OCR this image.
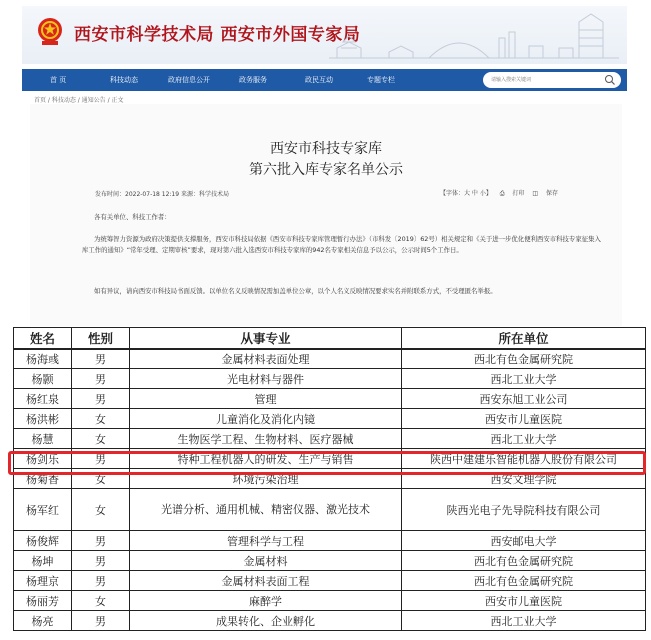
西安市科学技术局 西安市外国专家局
首 页	科技动态	政府信息公开	政务服务	政民互动	专题专栏
请输入搜索关键词
首页 / 科技动态 / 通知公告 / 正文
西安市科技专家库
第六批入库专家名单公示
发布时间：2022-07-18 12:19 来源：科学技术局	【字体：大 中 小】 ⎙ 打印 ◫ 保存
各有关单位、科技工作者：
为统筹智力资源为政府决策提供支撑服务，西安市科技局依据《西安市科技专家库管理暂行办法》（市科发〔2019〕62号）相关规定和《关于进一步优化便利西安市科技专家征集入库工作的通知》“常年受理、定期审核”要求，现对第六批入选西安市科技专家库的942名专家相关信息予以公示，公示时间5个工作日。
如有异议，请向西安市科技局书面反馈。以单位名义反映情况需加盖单位公章，以个人名义反映情况要求实名并附联系方式，不受理匿名举报。
姓名	性别	从事专业	所在单位
杨海彧	男	金属材料表面处理	西北有色金属研究院
杨颢	男	光电材料与器件	西北工业大学
杨红泉	男	管理	西安东旭工业公司
杨洪彬	女	儿童消化及消化内镜	西安市儿童医院
杨慧	女	生物医学工程、生物材料、医疗器械	西北工业大学
杨剑乐	男	特种工程机器人的研发、生产与销售	陕西中建建乐智能机器人股份有限公司
杨菊香	女	环境污染治理	西安文理学院
杨军红	女	光谱分析、通用机械、精密仪器、激光技术	陕西光电子先导院科技有限公司
杨俊辉	男	管理科学与工程	西安邮电大学
杨坤	男	金属材料	西北有色金属研究院
杨理京	男	金属材料表面工程	西北有色金属研究院
杨丽芳	女	麻醉学	西安市儿童医院
杨亮	男	成果转化、企业孵化	西北工业大学
